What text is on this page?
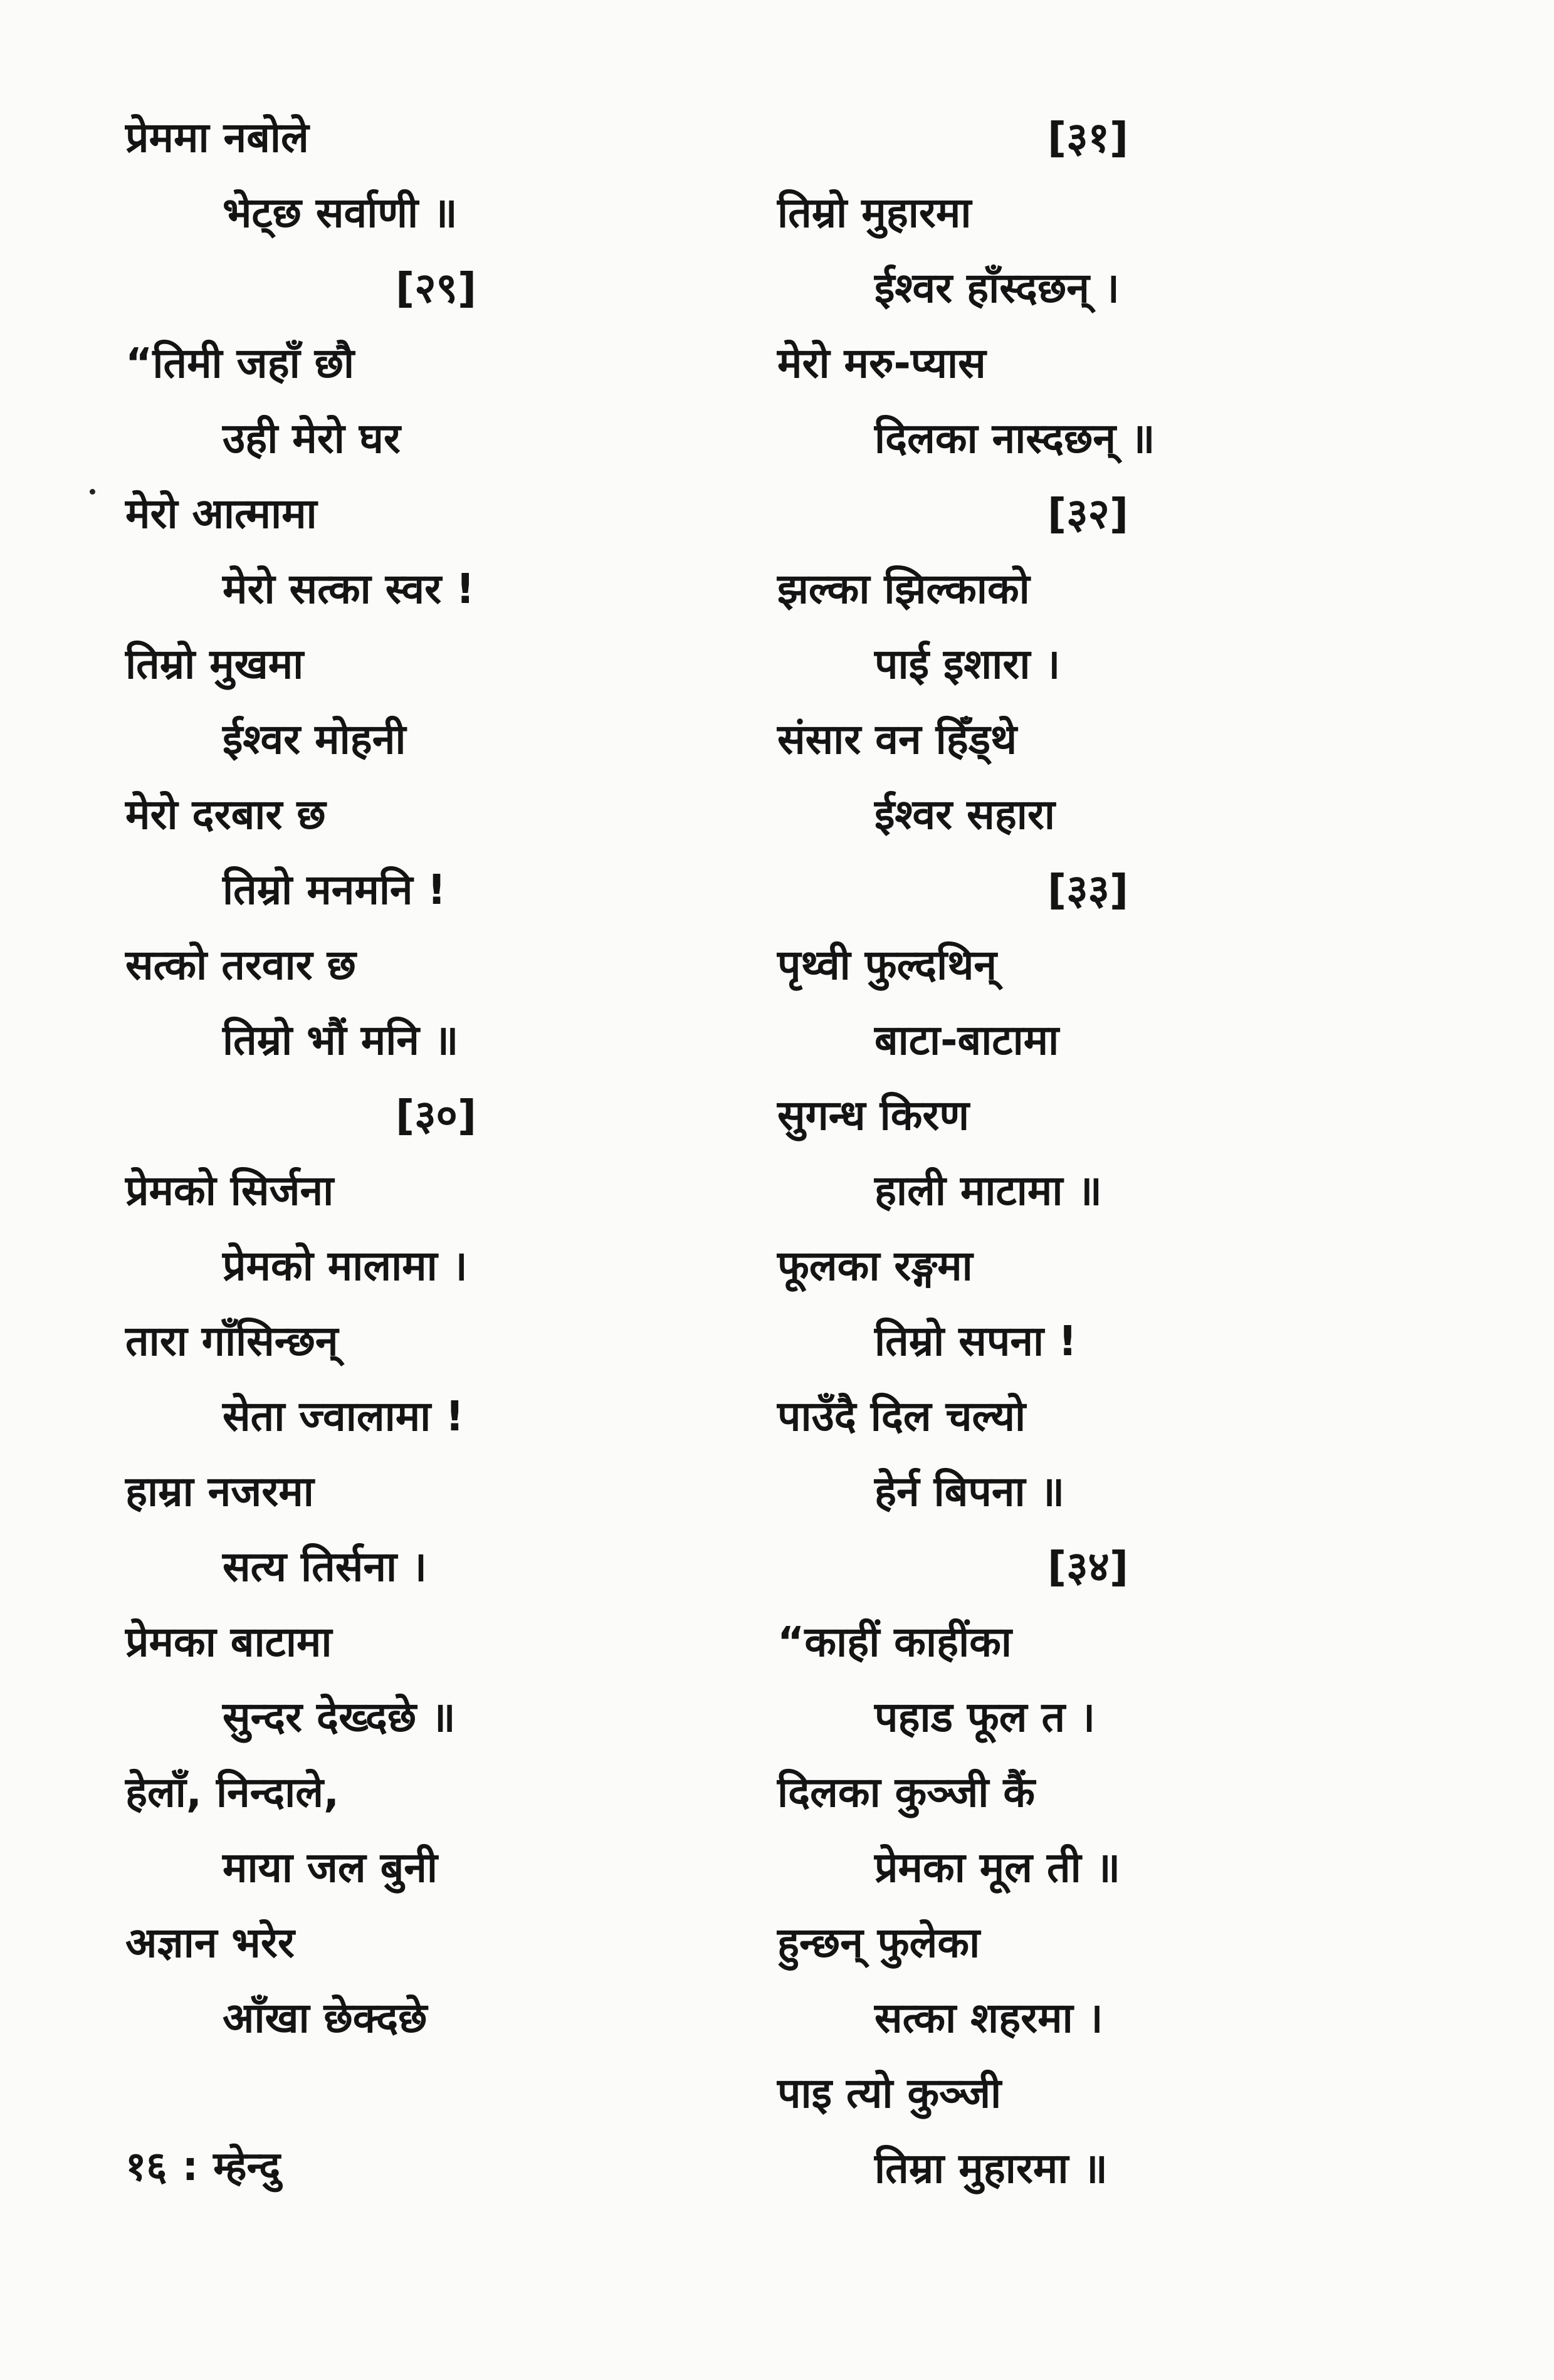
प्रेममा नबोले
भेट्छ सर्वाणी ॥
[२९]
“तिमी जहाँ छौ
उही मेरो घर
मेरो आत्मामा
मेरो सत्का स्वर !
तिम्रो मुखमा
ईश्वर मोहनी
मेरो दरबार छ
तिम्रो मनमनि !
सत्को तरवार छ
तिम्रो भौं मनि ॥
[३०]
प्रेमको सिर्जना
प्रेमको मालामा ।
तारा गाँसिन्छन्
सेता ज्वालामा !
हाम्रा नजरमा
सत्य तिर्सना ।
प्रेमका बाटामा
सुन्दर देख्दछे ॥
हेलाँ, निन्दाले,
माया जल बुनी
अज्ञान भरेर
आँखा छेक्दछे
[३१]
तिम्रो मुहारमा
ईश्वर हाँस्दछन् ।
मेरो मरु-प्यास
दिलका नास्दछन् ॥
[३२]
झल्का झिल्काको
पाई इशारा ।
संसार वन हिँड्थे
ईश्वर सहारा
[३३]
पृथ्वी फुल्दथिन्
बाटा-बाटामा
सुगन्ध किरण
हाली माटामा ॥
फूलका रङ्गमा
तिम्रो सपना !
पाउँदै दिल चल्यो
हेर्न बिपना ॥
[३४]
“काहीं काहींका
पहाड फूल त ।
दिलका कुञ्जी कैं
प्रेमका मूल ती ॥
हुन्छन् फुलेका
सत्का शहरमा ।
पाइ त्यो कुञ्जी
तिम्रा मुहारमा ॥
१६ : म्हेन्दु
